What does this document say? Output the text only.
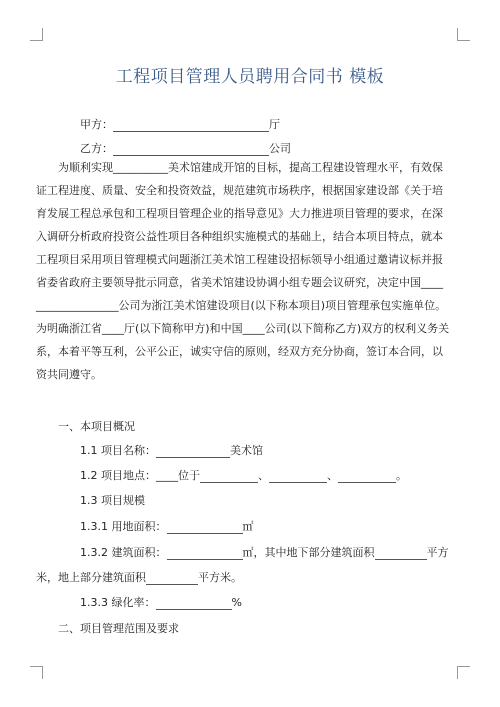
工程项目管理人员聘用合同书 模板
甲方：	厅
乙方：	公司
为顺利实现__________美术馆建成开馆的目标，提高工程建设管理水平，有效保
证工程进度、质量、安全和投资效益，规范建筑市场秩序，根据国家建设部《关于培
育发展工程总承包和工程项目管理企业的指导意见》大力推进项目管理的要求，在深
入调研分析政府投资公益性项目各种组织实施模式的基础上，结合本项目特点，就本
工程项目采用项目管理模式问题浙江美术馆工程建设招标领导小组通过邀请议标并报
省委省政府主要领导批示同意，省美术馆建设协调小组专题会议研究，决定中国____
_______________公司为浙江美术馆建设项目(以下称本项目)项目管理承包实施单位。
为明确浙江省____厅(以下简称甲方)和中国____公司(以下简称乙方)双方的权利义务关
系，本着平等互利，公平公正，诚实守信的原则，经双方充分协商，签订本合同，以
资共同遵守。
一、本项目概况
1.1 项目名称：	美术馆
1.2 项目地点：____位于	、	、	。
1.3 项目规模
1.3.1 用地面积：	㎡
1.3.2 建筑面积：	㎡，其中地下部分建筑面积	平方
米，地上部分建筑面积	平方米。
1.3.3 绿化率：	%
二、项目管理范围及要求
